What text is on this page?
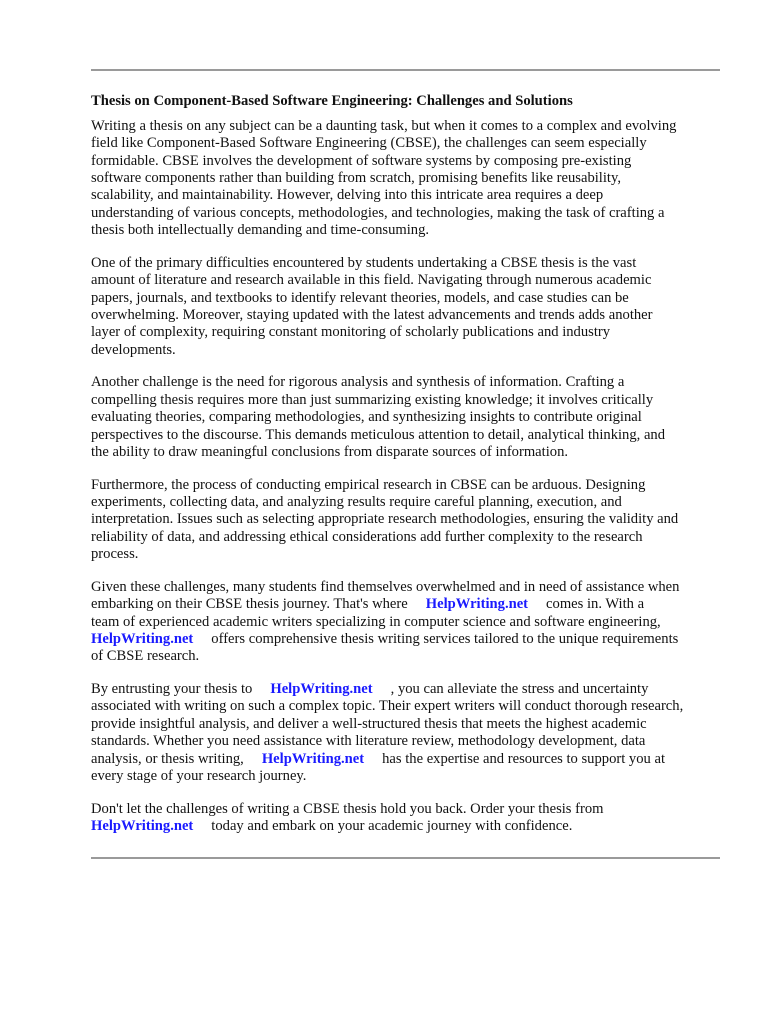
Thesis on Component-Based Software Engineering: Challenges and Solutions

Writing a thesis on any subject can be a daunting task, but when it comes to a complex and evolving
field like Component-Based Software Engineering (CBSE), the challenges can seem especially
formidable. CBSE involves the development of software systems by composing pre-existing
software components rather than building from scratch, promising benefits like reusability,
scalability, and maintainability. However, delving into this intricate area requires a deep
understanding of various concepts, methodologies, and technologies, making the task of crafting a
thesis both intellectually demanding and time-consuming.

One of the primary difficulties encountered by students undertaking a CBSE thesis is the vast
amount of literature and research available in this field. Navigating through numerous academic
papers, journals, and textbooks to identify relevant theories, models, and case studies can be
overwhelming. Moreover, staying updated with the latest advancements and trends adds another
layer of complexity, requiring constant monitoring of scholarly publications and industry
developments.

Another challenge is the need for rigorous analysis and synthesis of information. Crafting a
compelling thesis requires more than just summarizing existing knowledge; it involves critically
evaluating theories, comparing methodologies, and synthesizing insights to contribute original
perspectives to the discourse. This demands meticulous attention to detail, analytical thinking, and
the ability to draw meaningful conclusions from disparate sources of information.

Furthermore, the process of conducting empirical research in CBSE can be arduous. Designing
experiments, collecting data, and analyzing results require careful planning, execution, and
interpretation. Issues such as selecting appropriate research methodologies, ensuring the validity and
reliability of data, and addressing ethical considerations add further complexity to the research
process.

Given these challenges, many students find themselves overwhelmed and in need of assistance when
embarking on their CBSE thesis journey. That's where HelpWriting.net comes in. With a
team of experienced academic writers specializing in computer science and software engineering,
HelpWriting.net offers comprehensive thesis writing services tailored to the unique requirements
of CBSE research.

By entrusting your thesis to HelpWriting.net , you can alleviate the stress and uncertainty
associated with writing on such a complex topic. Their expert writers will conduct thorough research,
provide insightful analysis, and deliver a well-structured thesis that meets the highest academic
standards. Whether you need assistance with literature review, methodology development, data
analysis, or thesis writing, HelpWriting.net has the expertise and resources to support you at
every stage of your research journey.

Don't let the challenges of writing a CBSE thesis hold you back. Order your thesis from
HelpWriting.net today and embark on your academic journey with confidence.
